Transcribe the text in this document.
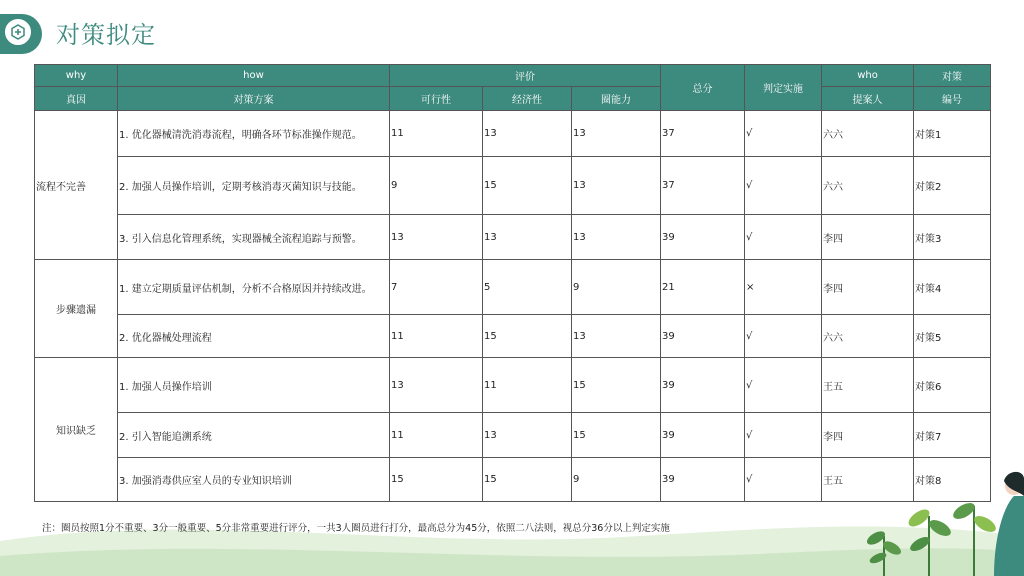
对策拟定
why	how	评价			总分	判定实施	who	对策
真因	对策方案	可行性	经济性	圈能力			提案人	编号
流程不完善	1. 优化器械清洗消毒流程，明确各环节标准操作规范。	11	13	13	37	√	六六	对策1
	2. 加强人员操作培训，定期考核消毒灭菌知识与技能。	9	15	13	37	√	六六	对策2
	3. 引入信息化管理系统，实现器械全流程追踪与预警。	13	13	13	39	√	李四	对策3
步骤遗漏	1. 建立定期质量评估机制，分析不合格原因并持续改进。	7	5	9	21	×	李四	对策4
	2. 优化器械处理流程	11	15	13	39	√	六六	对策5
知识缺乏	1. 加强人员操作培训	13	11	15	39	√	王五	对策6
	2. 引入智能追溯系统	11	13	15	39	√	李四	对策7
	3. 加强消毒供应室人员的专业知识培训	15	15	9	39	√	王五	对策8
注：圈员按照1分不重要、3分一般重要、5分非常重要进行评分，一共3人圈员进行打分，最高总分为45分，依照二八法则，视总分36分以上判定实施
